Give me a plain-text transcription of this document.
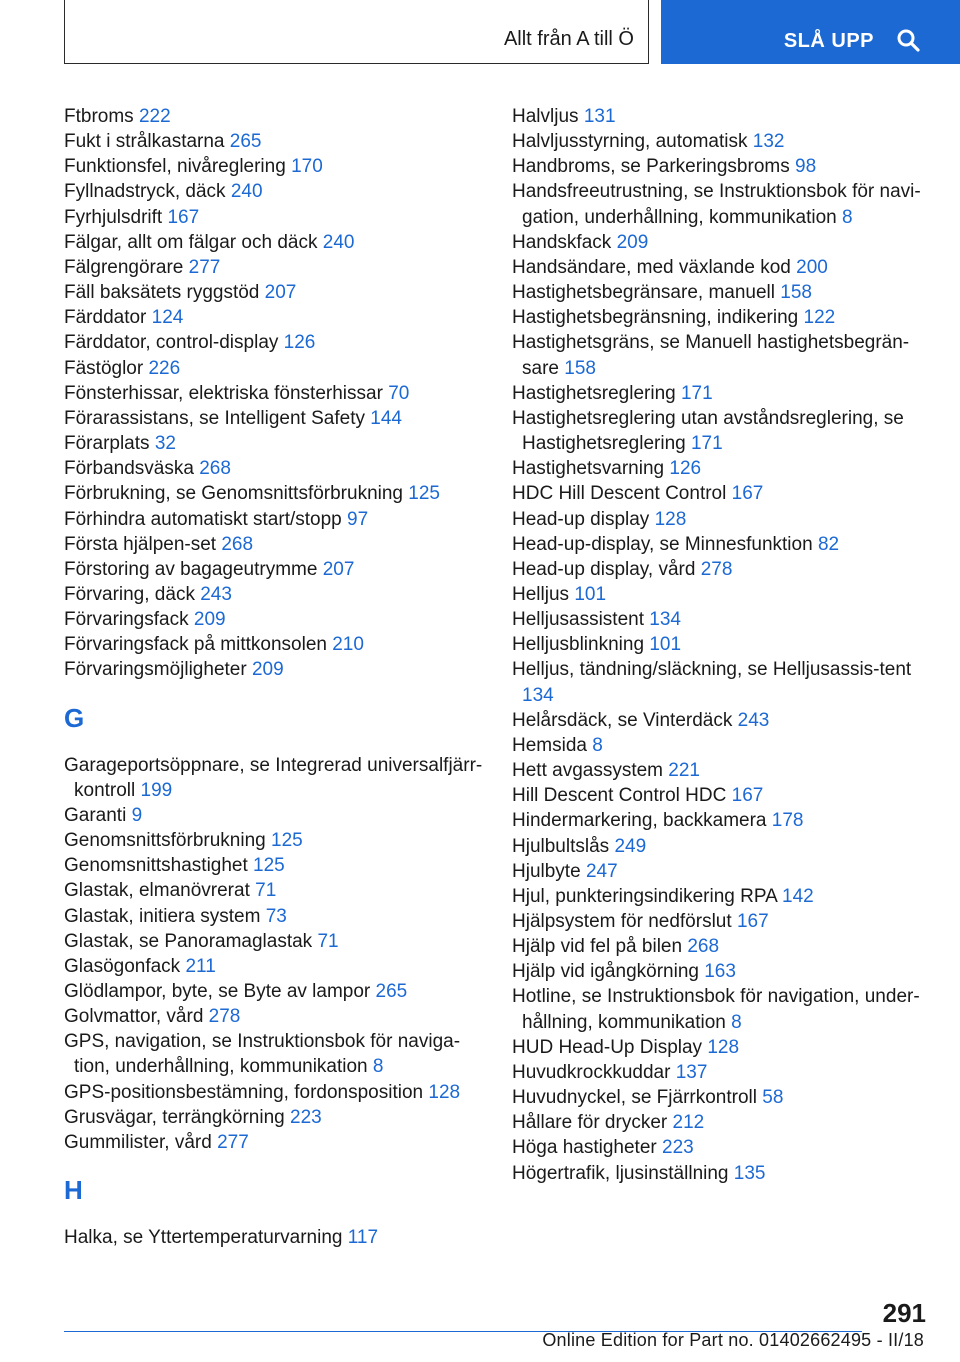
Allt från A till Ö	SLÅ UPP
Ftbroms 222
Fukt i strålkastarna 265
Funktionsfel, nivåreglering 170
Fyllnadstryck, däck 240
Fyrhjulsdrift 167
Fälgar, allt om fälgar och däck 240
Fälgrengörare 277
Fäll baksätets ryggstöd 207
Färddator 124
Färddator, control-display 126
Fästöglor 226
Fönsterhissar, elektriska fönsterhissar 70
Förarassistans, se Intelligent Safety 144
Förarplats 32
Förbandsväska 268
Förbrukning, se Genomsnittsförbrukning 125
Förhindra automatiskt start/stopp 97
Första hjälpen-set 268
Förstoring av bagageutrymme 207
Förvaring, däck 243
Förvaringsfack 209
Förvaringsfack på mittkonsolen 210
Förvaringsmöjligheter 209
G
Garageportsöppnare, se Integrerad universalfjärr-kontroll 199
Garanti 9
Genomsnittsförbrukning 125
Genomsnittshastighet 125
Glastak, elmanövrerat 71
Glastak, initiera system 73
Glastak, se Panoramaglastak 71
Glasögonfack 211
Glödlampor, byte, se Byte av lampor 265
Golvmattor, vård 278
GPS, navigation, se Instruktionsbok för naviga-tion, underhållning, kommunikation 8
GPS-positionsbestämning, fordonsposition 128
Grusvägar, terrängkörning 223
Gummilister, vård 277
H
Halka, se Yttertemperaturvarning 117
Halvljus 131
Halvljusstyrning, automatisk 132
Handbroms, se Parkeringsbroms 98
Handsfreeutrustning, se Instruktionsbok för navi-gation, underhållning, kommunikation 8
Handskfack 209
Handsändare, med växlande kod 200
Hastighetsbegränsare, manuell 158
Hastighetsbegränsning, indikering 122
Hastighetsgräns, se Manuell hastighetsbegrän-sare 158
Hastighetsreglering 171
Hastighetsreglering utan avståndsreglering, se Hastighetsreglering 171
Hastighetsvarning 126
HDC Hill Descent Control 167
Head-up display 128
Head-up-display, se Minnesfunktion 82
Head-up display, vård 278
Helljus 101
Helljusassistent 134
Helljusblinkning 101
Helljus, tändning/släckning, se Helljusassis-tent 134
Helårsdäck, se Vinterdäck 243
Hemsida 8
Hett avgassystem 221
Hill Descent Control HDC 167
Hindermarkering, backkamera 178
Hjulbultslås 249
Hjulbyte 247
Hjul, punkteringsindikering RPA 142
Hjälpsystem för nedförslut 167
Hjälp vid fel på bilen 268
Hjälp vid igångkörning 163
Hotline, se Instruktionsbok för navigation, under-hållning, kommunikation 8
HUD Head-Up Display 128
Huvudkrockkuddar 137
Huvudnyckel, se Fjärrkontroll 58
Hållare för drycker 212
Höga hastigheter 223
Högertrafik, ljusinställning 135
291
Online Edition for Part no. 01402662495 - II/18
